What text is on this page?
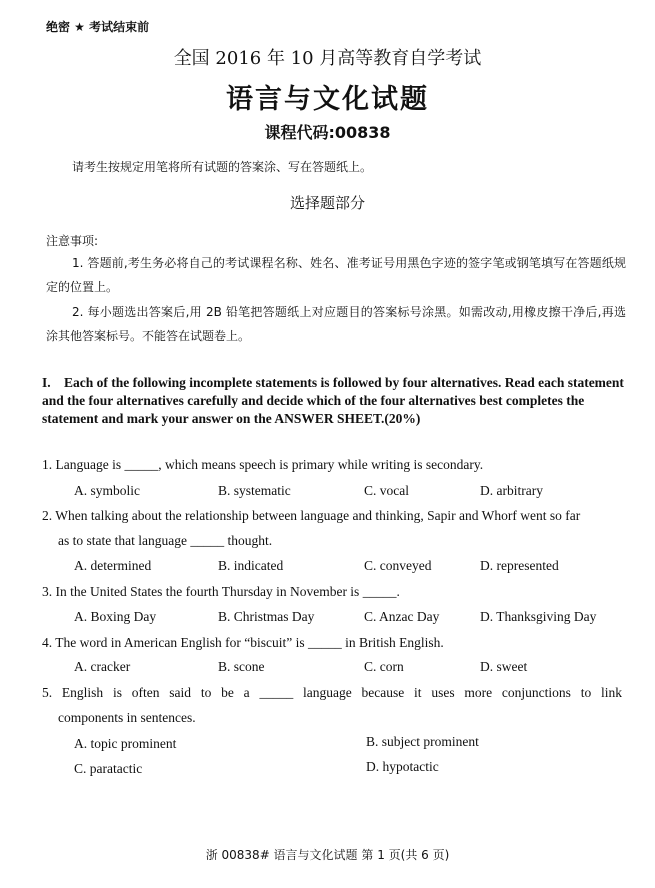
绝密 ★ 考试结束前
全国 2016 年 10 月高等教育自学考试
语言与文化试题
课程代码:00838
请考生按规定用笔将所有试题的答案涂、写在答题纸上。
选择题部分
注意事项:
1. 答题前,考生务必将自己的考试课程名称、姓名、准考证号用黑色字迹的签字笔或钢笔填写在答题纸规定的位置上。
2. 每小题选出答案后,用 2B 铅笔把答题纸上对应题目的答案标号涂黑。如需改动,用橡皮擦干净后,再选涂其他答案标号。不能答在试题卷上。
I. Each of the following incomplete statements is followed by four alternatives. Read each statement and the four alternatives carefully and decide which of the four alternatives best completes the statement and mark your answer on the ANSWER SHEET.(20%)
1. Language is _____, which means speech is primary while writing is secondary.
A. symbolic	B. systematic	C. vocal	D. arbitrary
2. When talking about the relationship between language and thinking, Sapir and Whorf went so far
as to state that language _____ thought.
A. determined	B. indicated	C. conveyed	D. represented
3. In the United States the fourth Thursday in November is _____.
A. Boxing Day	B. Christmas Day	C. Anzac Day	D. Thanksgiving Day
4. The word in American English for “biscuit” is _____ in British English.
A. cracker	B. scone	C. corn	D. sweet
5. English is often said to be a _____ language because it uses more conjunctions to link
components in sentences.
A. topic prominent	B. subject prominent
C. paratactic	D. hypotactic
浙 00838# 语言与文化试题 第 1 页(共 6 页)
